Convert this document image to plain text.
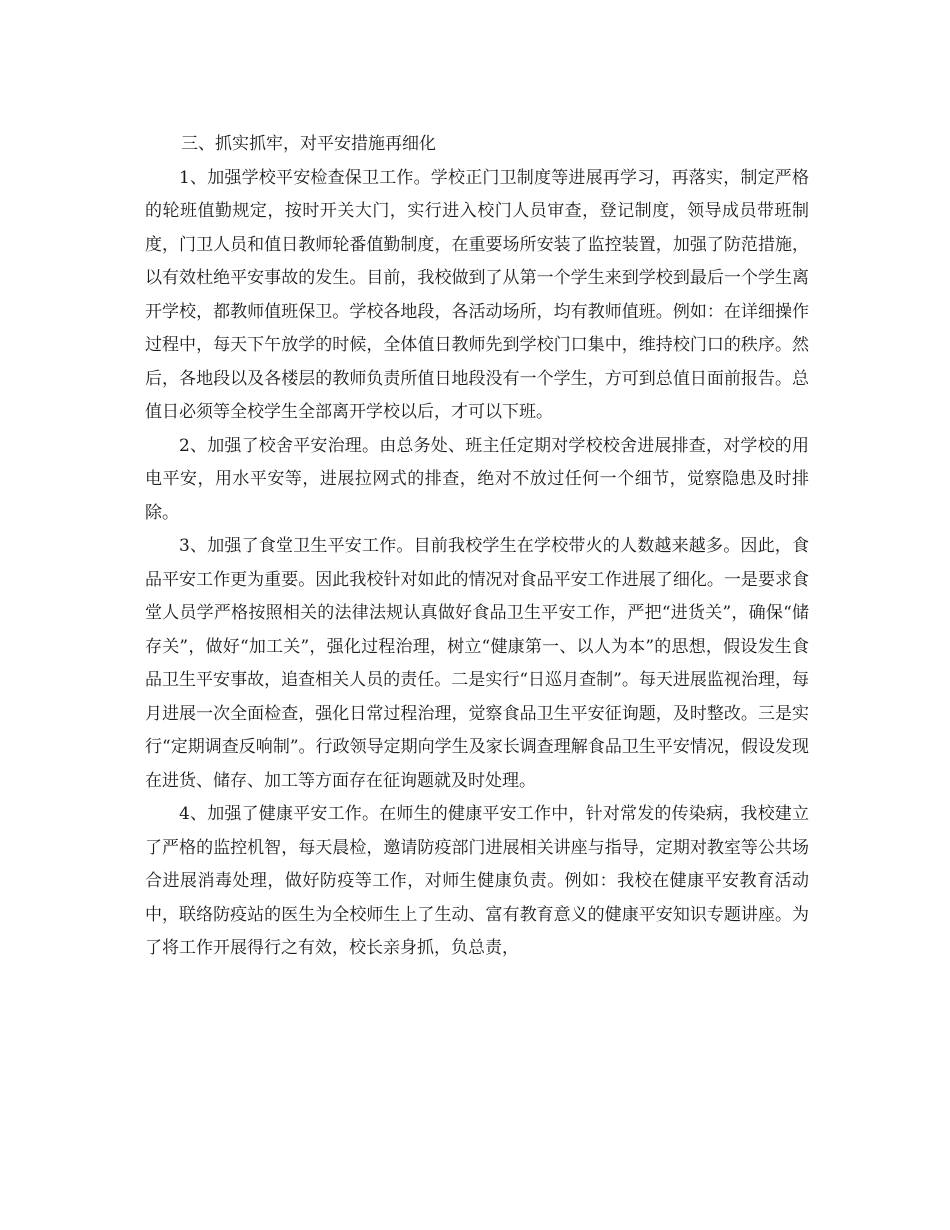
三、抓实抓牢，对平安措施再细化

1、加强学校平安检查保卫工作。学校正门卫制度等进展再学习，再落实，制定严格的轮班值勤规定，按时开关大门，实行进入校门人员审查，登记制度，领导成员带班制度，门卫人员和值日教师轮番值勤制度，在重要场所安装了监控装置，加强了防范措施，以有效杜绝平安事故的发生。目前，我校做到了从第一个学生来到学校到最后一个学生离开学校，都教师值班保卫。学校各地段，各活动场所，均有教师值班。例如：在详细操作过程中，每天下午放学的时候，全体值日教师先到学校门口集中，维持校门口的秩序。然后，各地段以及各楼层的教师负责所值日地段没有一个学生，方可到总值日面前报告。总值日必须等全校学生全部离开学校以后，才可以下班。

2、加强了校舍平安治理。由总务处、班主任定期对学校校舍进展排查，对学校的用电平安，用水平安等，进展拉网式的排查，绝对不放过任何一个细节，觉察隐患及时排除。

3、加强了食堂卫生平安工作。目前我校学生在学校带火的人数越来越多。因此，食品平安工作更为重要。因此我校针对如此的情况对食品平安工作进展了细化。一是要求食堂人员学严格按照相关的法律法规认真做好食品卫生平安工作，严把“进货关”，确保“储存关”，做好“加工关”，强化过程治理，树立“健康第一、以人为本”的思想，假设发生食品卫生平安事故，追查相关人员的责任。二是实行“日巡月查制”。每天进展监视治理，每月进展一次全面检查，强化日常过程治理，觉察食品卫生平安征询题，及时整改。三是实行“定期调查反响制”。行政领导定期向学生及家长调查理解食品卫生平安情况，假设发现在进货、储存、加工等方面存在征询题就及时处理。

4、加强了健康平安工作。在师生的健康平安工作中，针对常发的传染病，我校建立了严格的监控机智，每天晨检，邀请防疫部门进展相关讲座与指导，定期对教室等公共场合进展消毒处理，做好防疫等工作，对师生健康负责。例如：我校在健康平安教育活动中，联络防疫站的医生为全校师生上了生动、富有教育意义的健康平安知识专题讲座。为了将工作开展得行之有效，校长亲身抓，负总责，
